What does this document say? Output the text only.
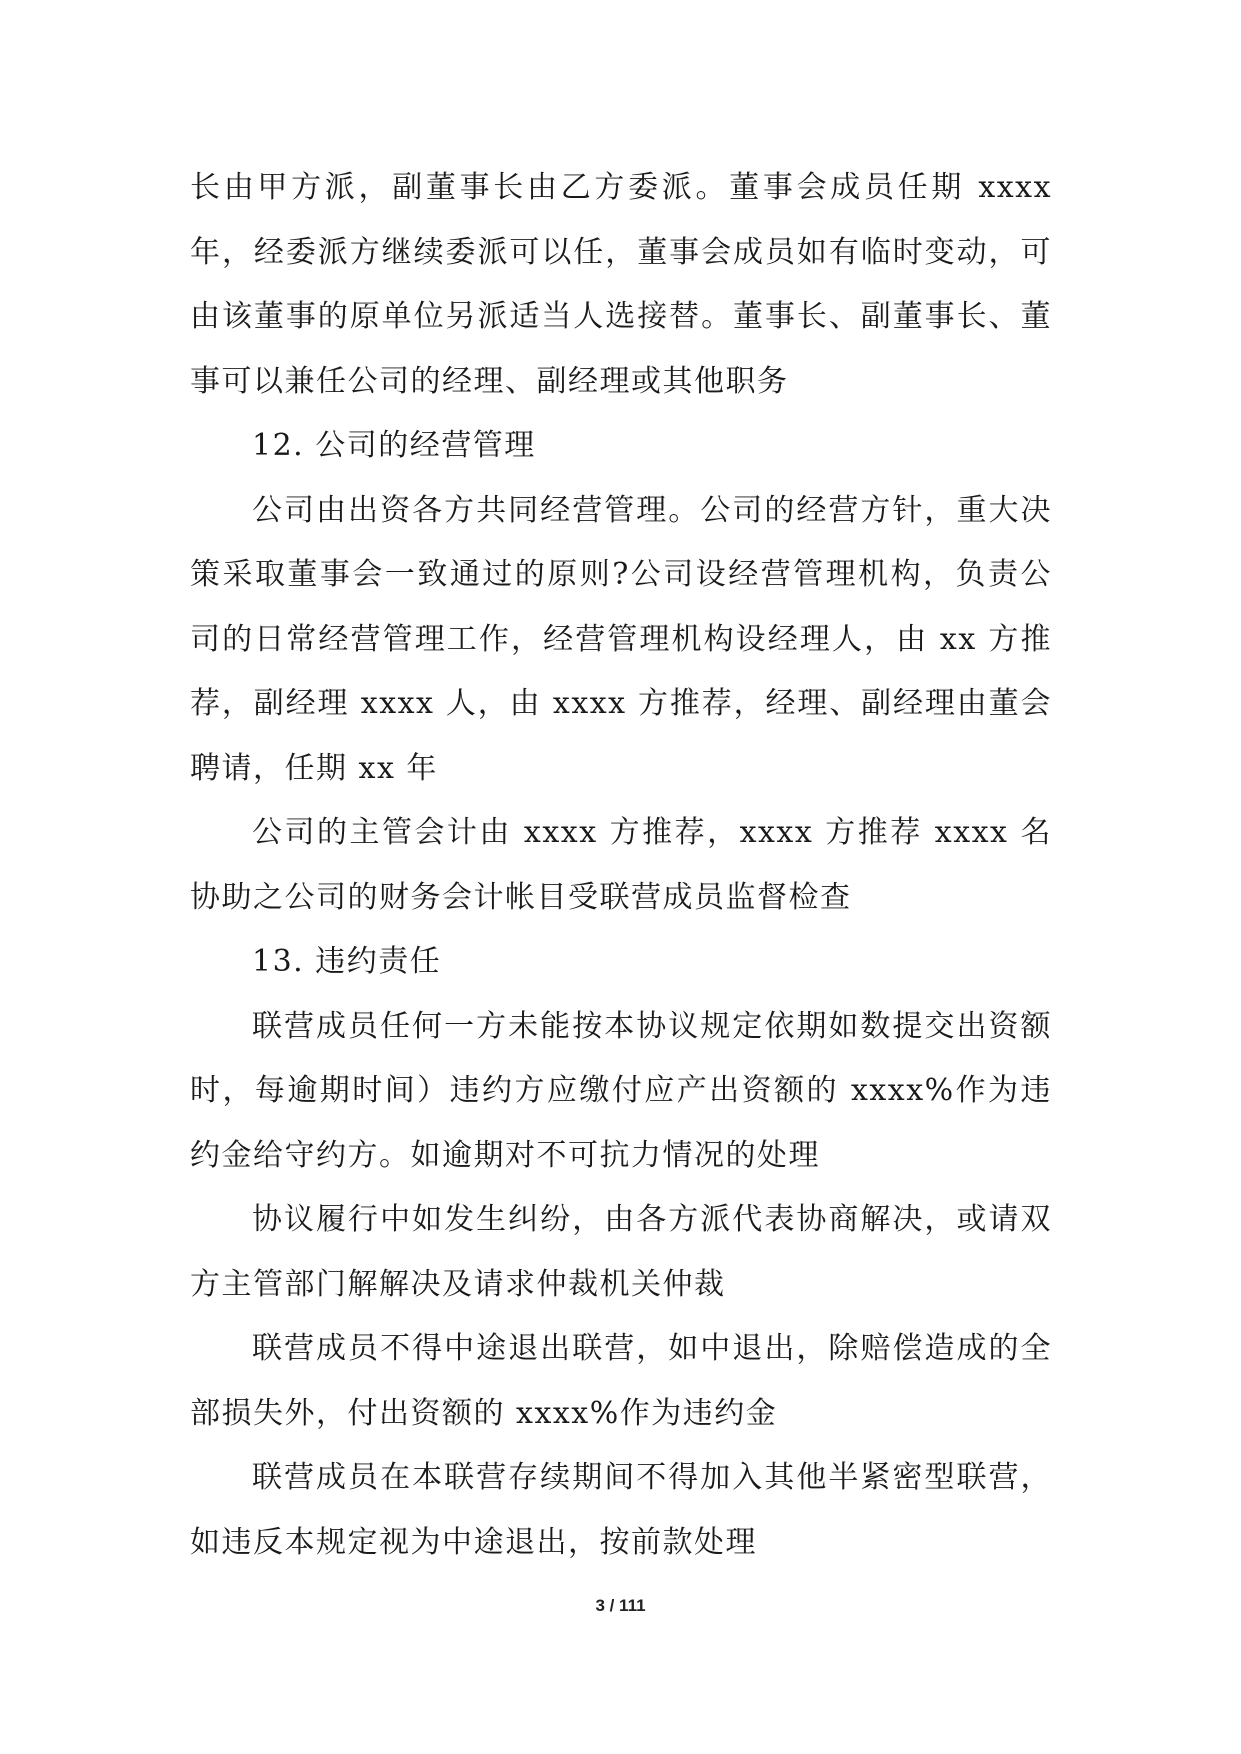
长由甲方派，副董事长由乙方委派。董事会成员任期 xxxx 年，经委派方继续委派可以任，董事会成员如有临时变动，可由该董事的原单位另派适当人选接替。董事长、副董事长、董事可以兼任公司的经理、副经理或其他职务

12. 公司的经营管理

公司由出资各方共同经营管理。公司的经营方针，重大决策采取董事会一致通过的原则?公司设经营管理机构，负责公司的日常经营管理工作，经营管理机构设经理人，由 xx 方推荐，副经理 xxxx 人，由 xxxx 方推荐，经理、副经理由董会聘请，任期 xx 年

公司的主管会计由 xxxx 方推荐，xxxx 方推荐 xxxx 名协助之公司的财务会计帐目受联营成员监督检查

13. 违约责任

联营成员任何一方未能按本协议规定依期如数提交出资额时，每逾期时间）违约方应缴付应产出资额的 xxxx%作为违约金给守约方。如逾期对不可抗力情况的处理

协议履行中如发生纠纷，由各方派代表协商解决，或请双方主管部门解解决及请求仲裁机关仲裁

联营成员不得中途退出联营，如中退出，除赔偿造成的全部损失外，付出资额的 xxxx%作为违约金

联营成员在本联营存续期间不得加入其他半紧密型联营，如违反本规定视为中途退出，按前款处理

3 / 111
